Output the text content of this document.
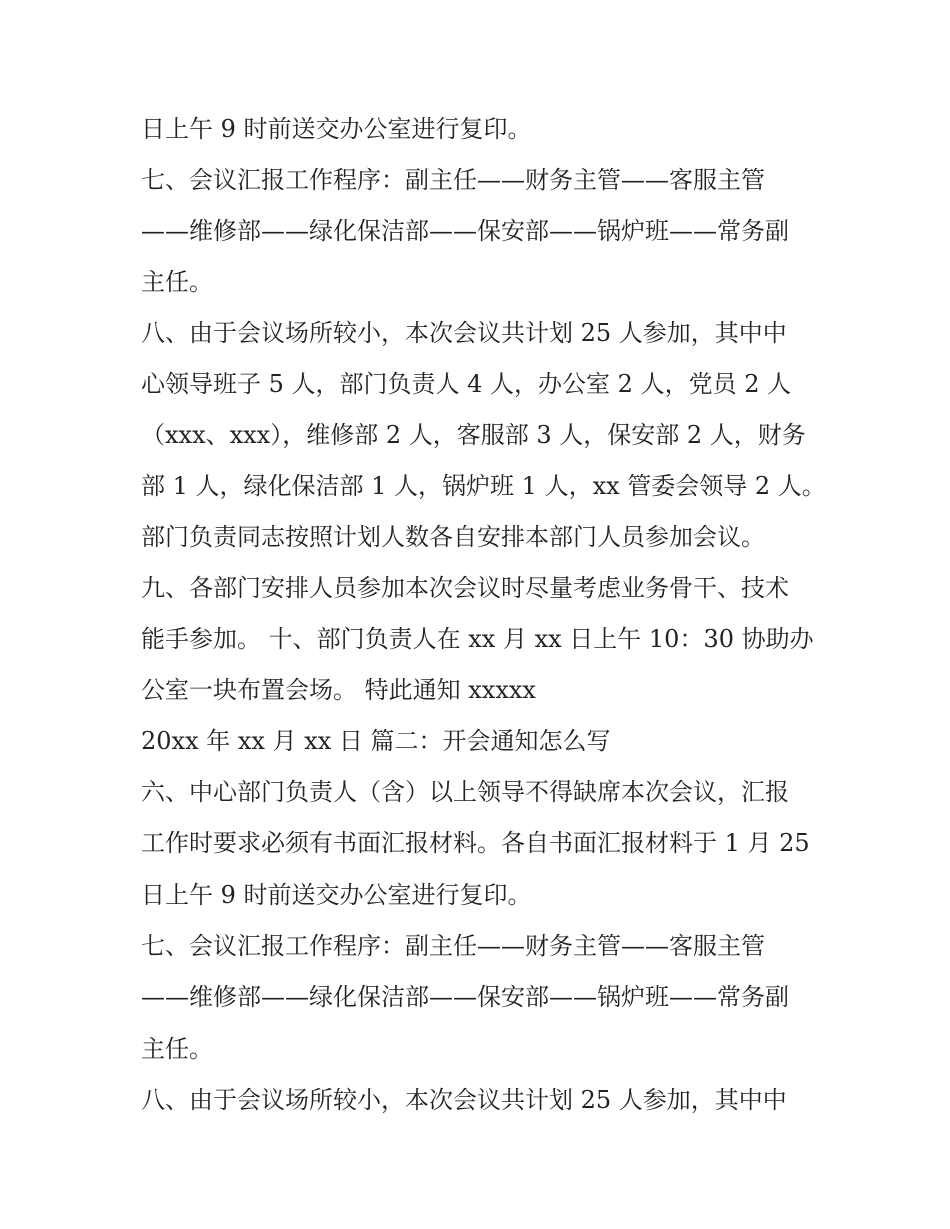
日上午 9 时前送交办公室进行复印。
七、会议汇报工作程序：副主任——财务主管——客服主管
——维修部——绿化保洁部——保安部——锅炉班——常务副
主任。
八、由于会议场所较小，本次会议共计划 25 人参加，其中中
心领导班子 5 人，部门负责人 4 人，办公室 2 人，党员 2 人
（xxx、xxx），维修部 2 人，客服部 3 人，保安部 2 人，财务
部 1 人，绿化保洁部 1 人，锅炉班 1 人，xx 管委会领导 2 人。
部门负责同志按照计划人数各自安排本部门人员参加会议。
九、各部门安排人员参加本次会议时尽量考虑业务骨干、技术
能手参加。 十、部门负责人在 xx 月 xx 日上午 10：30 协助办
公室一块布置会场。 特此通知 xxxxx
20xx 年 xx 月 xx 日 篇二：开会通知怎么写
六、中心部门负责人（含）以上领导不得缺席本次会议，汇报
工作时要求必须有书面汇报材料。各自书面汇报材料于 1 月 25
日上午 9 时前送交办公室进行复印。
七、会议汇报工作程序：副主任——财务主管——客服主管
——维修部——绿化保洁部——保安部——锅炉班——常务副
主任。
八、由于会议场所较小，本次会议共计划 25 人参加，其中中
